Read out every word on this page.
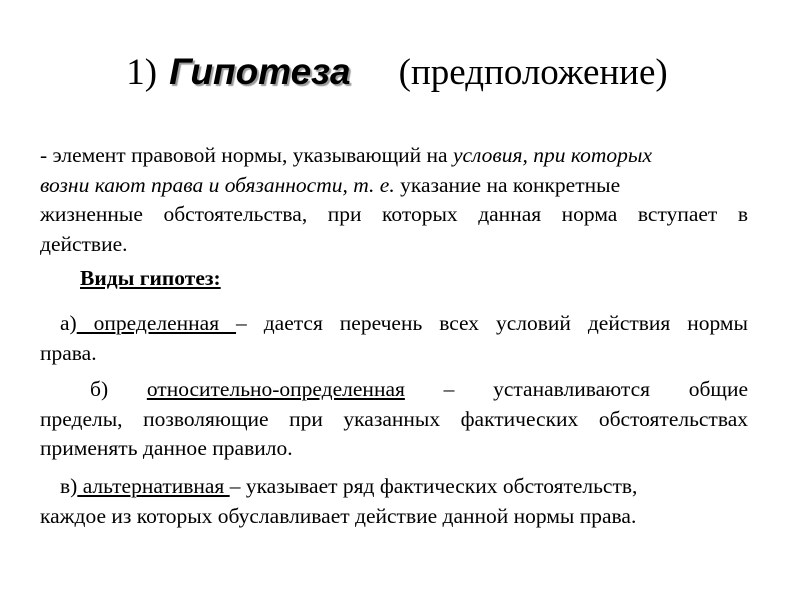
1) Гипотеза (предположение)
- элемент правовой нормы, указывающий на условия, при которых
возни кают права и обязанности, т. е. указание на конкретные
жизненные обстоятельства, при которых данная норма вступает в
действие.
Виды гипотез:
а) определенная – дается перечень всех условий действия нормы
права.
б) относительно-определенная – устанавливаются общие
пределы, позволяющие при указанных фактических обстоятельствах
применять данное правило.
в) альтернативная – указывает ряд фактических обстоятельств,
каждое из которых обуславливает действие данной нормы права.
